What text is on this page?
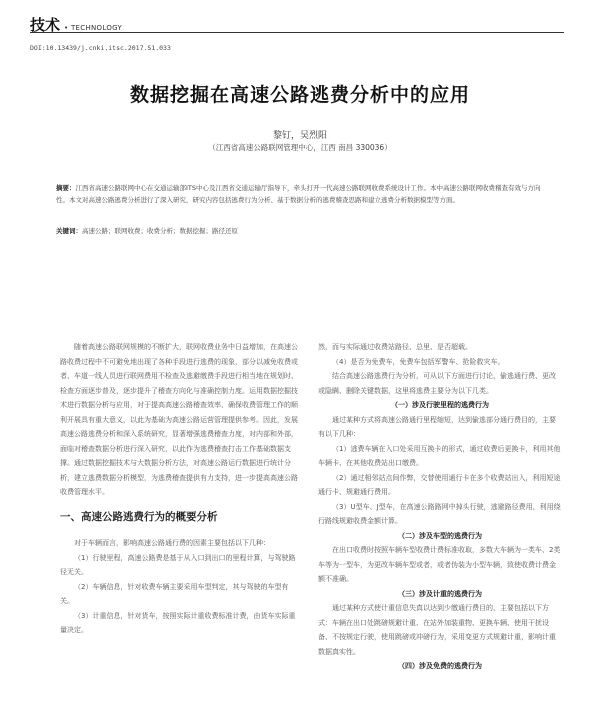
技术 • TECHNOLOGY
DOI:10.13439/j.cnki.itsc.2017.S1.033
数据挖掘在高速公路逃费分析中的应用
黎钉，吴烈阳
（江西省高速公路联网管理中心，江西 南昌 330036）
摘要：江西省高速公路联网中心在交通运输部ITS中心及江西省交通运输厅指导下，牵头打开一代高速公路联网收费系统设计工作。本中高速公路联网收费稽查有效与方向性。本文对高速公路逃费分析进行了深入研究，研究内容包括逃费行为分析、基于数据分析的逃费稽查思路和建立逃费分析数据模型等方面。
关键词：高速公路；联网收费；收费分析；数据挖掘；路径还原

随着高速公路联网规模的不断扩大，联网收费业务中日益增加，在高速公路收费过程中不可避免地出现了各种手段进行逃费的现象，部分以减免收费或者、车道一线人员进行联网费用不检查及逃避缴费手段进行相当地在规划时、检查方面逐步普及，逐步提升了稽查方向化与准确控制力度。运用数据挖掘技术进行数据分析与应用，对于提高高速公路稽查效率、确保收费管理工作的顺利开展具有重大意义，以此为基础为高速公路运营管理提供参考。因此，发展高速公路逃费分析和深入系统研究，显著增强逃费稽查力度，对内部和外部，面临对稽查数据分析进行深入研究，以此作为逃费稽查打击工作基础数据支撑。通过数据挖掘技术与大数据分析方法，对高速公路运行数据进行统计分析，建立逃费数据分析模型，为逃费稽查提供有力支持，进一步提高高速公路收费管理水平。

一、高速公路逃费行为的概要分析

对于车辆而言，影响高速公路通行费的因素主要包括以下几种：

（1）行驶里程，高速公路费是基于从入口到出口的里程计算，与驾驶路径无关。

（2）车辆信息，针对收费车辆主要采用车型判定，其与驾驶的车型有关。

（3）计重信息，针对货车，按照实际计重收费标准计费，由货车实际重量决定。

然，而与实际通过收费站路径、总里、是否超载。

（4）是否为免费车，免费车包括军警车、抢险救灾车。

结合高速公路逃费行为分析，可从以下方面进行讨论，偷逃通行费、更改或隐瞒、删除关键数据，这里将逃费主要分为以下几类。

（一）涉及行驶里程的逃费行为

通过某种方式将高速公路通行里程缩短，达到偷逃部分通行费目的，主要有以下几种：

（1）逃费车辆在入口处采用互换卡的形式，通过收费后更换卡，利用其他车辆卡、在其他收费站出口缴费。

（2）通过相邻站点间作弊，交替使用通行卡在多个收费站出入，利用短途通行卡、规避通行费用。

（3）U型车、J型车，在高速公路路网中掉头行驶，逃避路径费用，利用绕行路线规避收费金额计算。

（二）涉及车型的逃费行为

在出口收费时按照车辆车型收费计费标准收取，多数大车辆为一类车、2类车等为一型车，为更改车辆车型或者，或者伪装为小型车辆，致使收费计费金额不准确。

（三）涉及计重的逃费行为

通过某种方式使计重信息失真以达到少缴通行费目的，主要包括以下方式：车辆在出口处跳磅规避计重、在站外加装重物、更换车辆、使用干扰设备、不按规定行驶，使用跳磅或冲磅行为，采用变更方式规避计重，影响计重数据真实性。

（四）涉及免费的逃费行为
